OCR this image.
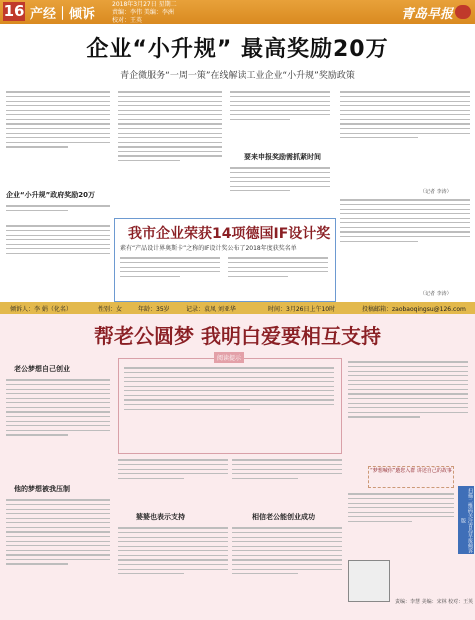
16 产经｜倾诉
2018年3月27日 星期二
责编：李伟 美编：李洲
校对：王英	青岛早报
企业“小升规” 最高奖励20万
青企微服务“一周一策”在线解读工业企业“小升规”奖励政策
企业“小升规”政府奖励20万
要来申报奖励需抓紧时间
（记者 李涛）
（记者 李涛）
我市企业荣获14项德国IF设计奖
素有“产品设计界奥斯卡”之称的IF设计奖公布了2018年度获奖名单
倾诉人：李 娟（化名）	性别：女	年龄：35岁	记录：袁凤 刘亚华	时间：3月26日上午10时	投稿邮箱：zaobaoqingsu@126.com
帮老公圆梦 我明白爱要相互支持
老公梦想自己创业
他的梦想被我压制
阅读提示
婆婆也表示支持	相信老公能创业成功
“梦想喊你”邀您入群 讲述自己的故事
扫描二维码关注青岛早报倾诉版
责编：李慧 美编：宋林 校对：王英
